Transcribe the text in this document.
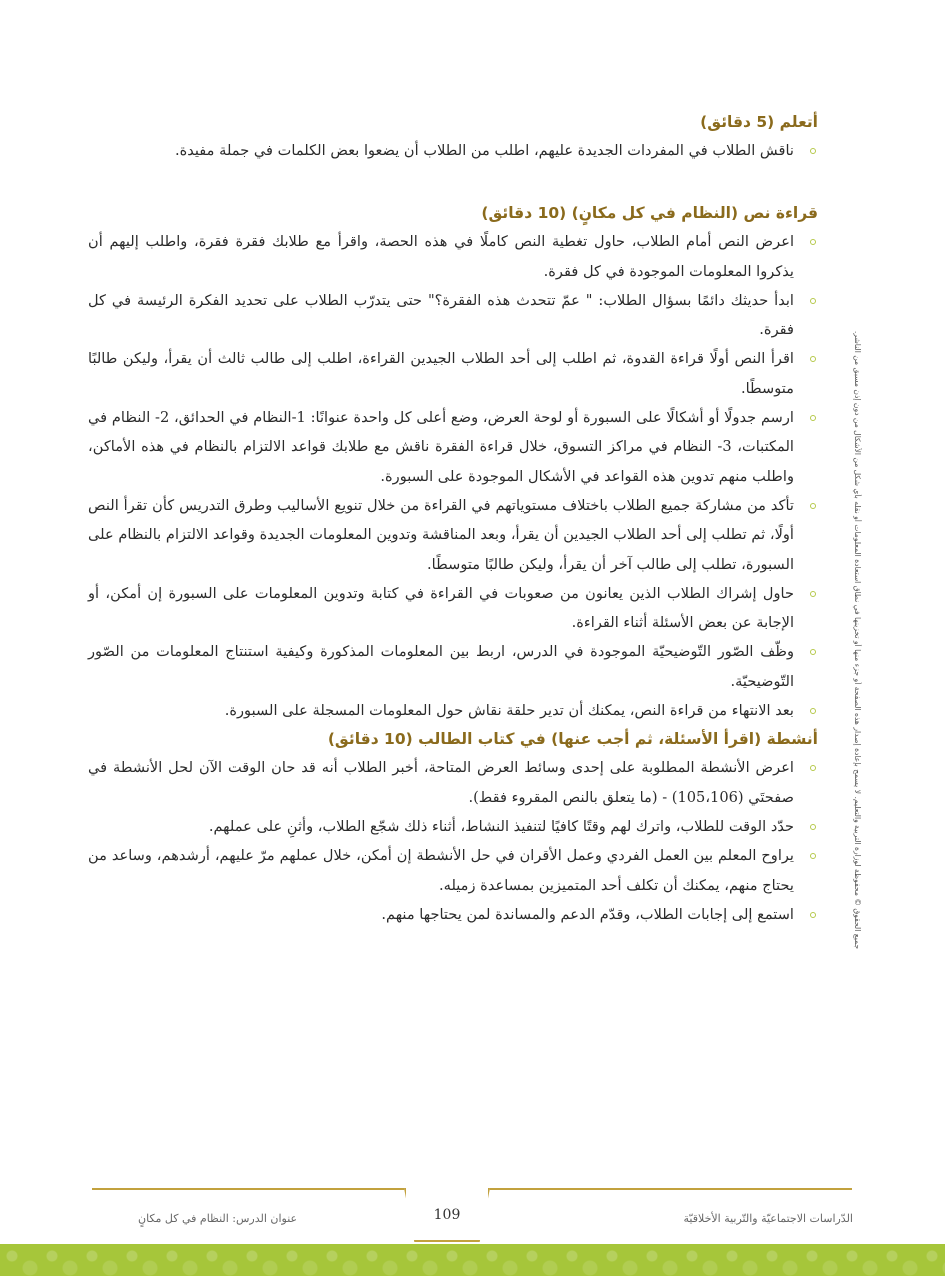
جميع الحقوق © محفوظة لوزارة التربية والتعليم. لا يسمح بإعادة إصدار هذه الصفحة أو جزء منها أو تخزينها في نطاق استعادة المعلومات أو نقله بأي شكل من الأشكال من دون إذن مسبق من الناشر.
أتعلم (5 دقائق)
ناقش الطلاب في المفردات الجديدة عليهم، اطلب من الطلاب أن يضعوا بعض الكلمات في جملة مفيدة.
قراءة نص (النظام في كل مكانٍ) (10 دقائق)
اعرض النص أمام الطلاب، حاول تغطية النص كاملًا في هذه الحصة، واقرأ مع طلابك فقرة فقرة، واطلب إليهم أن يذكروا المعلومات الموجودة في كل فقرة.
ابدأ حديثك دائمًا بسؤال الطلاب: " عمّ تتحدث هذه الفقرة؟" حتى يتدرّب الطلاب على تحديد الفكرة الرئيسة في كل فقرة.
اقرأ النص أولًا قراءة القدوة، ثم اطلب إلى أحد الطلاب الجيدين القراءة، اطلب إلى طالب ثالث أن يقرأ، وليكن طالبًا متوسطًا.
ارسم جدولًا أو أشكالًا على السبورة أو لوحة العرض، وضع أعلى كل واحدة عنوانًا: 1-النظام في الحدائق، 2- النظام في المكتبات، 3- النظام في مراكز التسوق، خلال قراءة الفقرة ناقش مع طلابك قواعد الالتزام بالنظام في هذه الأماكن، واطلب منهم تدوين هذه القواعد في الأشكال الموجودة على السبورة.
تأكد من مشاركة جميع الطلاب باختلاف مستوياتهم في القراءة من خلال تنويع الأساليب وطرق التدريس كأن تقرأ النص أولًا، ثم تطلب إلى أحد الطلاب الجيدين أن يقرأ، وبعد المناقشة وتدوين المعلومات الجديدة وقواعد الالتزام بالنظام على السبورة، تطلب إلى طالب آخر أن يقرأ، وليكن طالبًا متوسطًا.
حاول إشراك الطلاب الذين يعانون من صعوبات في القراءة في كتابة وتدوين المعلومات على السبورة إن أمكن، أو الإجابة عن بعض الأسئلة أثناء القراءة.
وظّف الصّور التّوضيحيّة الموجودة في الدرس، اربط بين المعلومات المذكورة وكيفية استنتاج المعلومات من الصّور التّوضيحيّة.
بعد الانتهاء من قراءة النص، يمكنك أن تدير حلقة نقاش حول المعلومات المسجلة على السبورة.
أنشطة (اقرأ الأسئلة، ثم أجب عنها) في كتاب الطالب (10 دقائق)
اعرض الأنشطة المطلوبة على إحدى وسائط العرض المتاحة، أخبر الطلاب أنه قد حان الوقت الآن لحل الأنشطة في صفحتَي (105،106) - (ما يتعلق بالنص المقروء فقط).
حدّد الوقت للطلاب، واترك لهم وقتًا كافيًا لتنفيذ النشاط، أثناء ذلك شجّع الطلاب، وأثنِ على عملهم.
يراوح المعلم بين العمل الفردي وعمل الأقران في حل الأنشطة إن أمكن، خلال عملهم مرّ عليهم، أرشدهم، وساعد من يحتاج منهم، يمكنك أن تكلف أحد المتميزين بمساعدة زميله.
استمع إلى إجابات الطلاب، وقدّم الدعم والمساندة لمن يحتاجها منهم.
109
عنوان الدرس: النظام في كل مكانٍ	الدّراسات الاجتماعيّة والتّربية الأخلاقيّة
